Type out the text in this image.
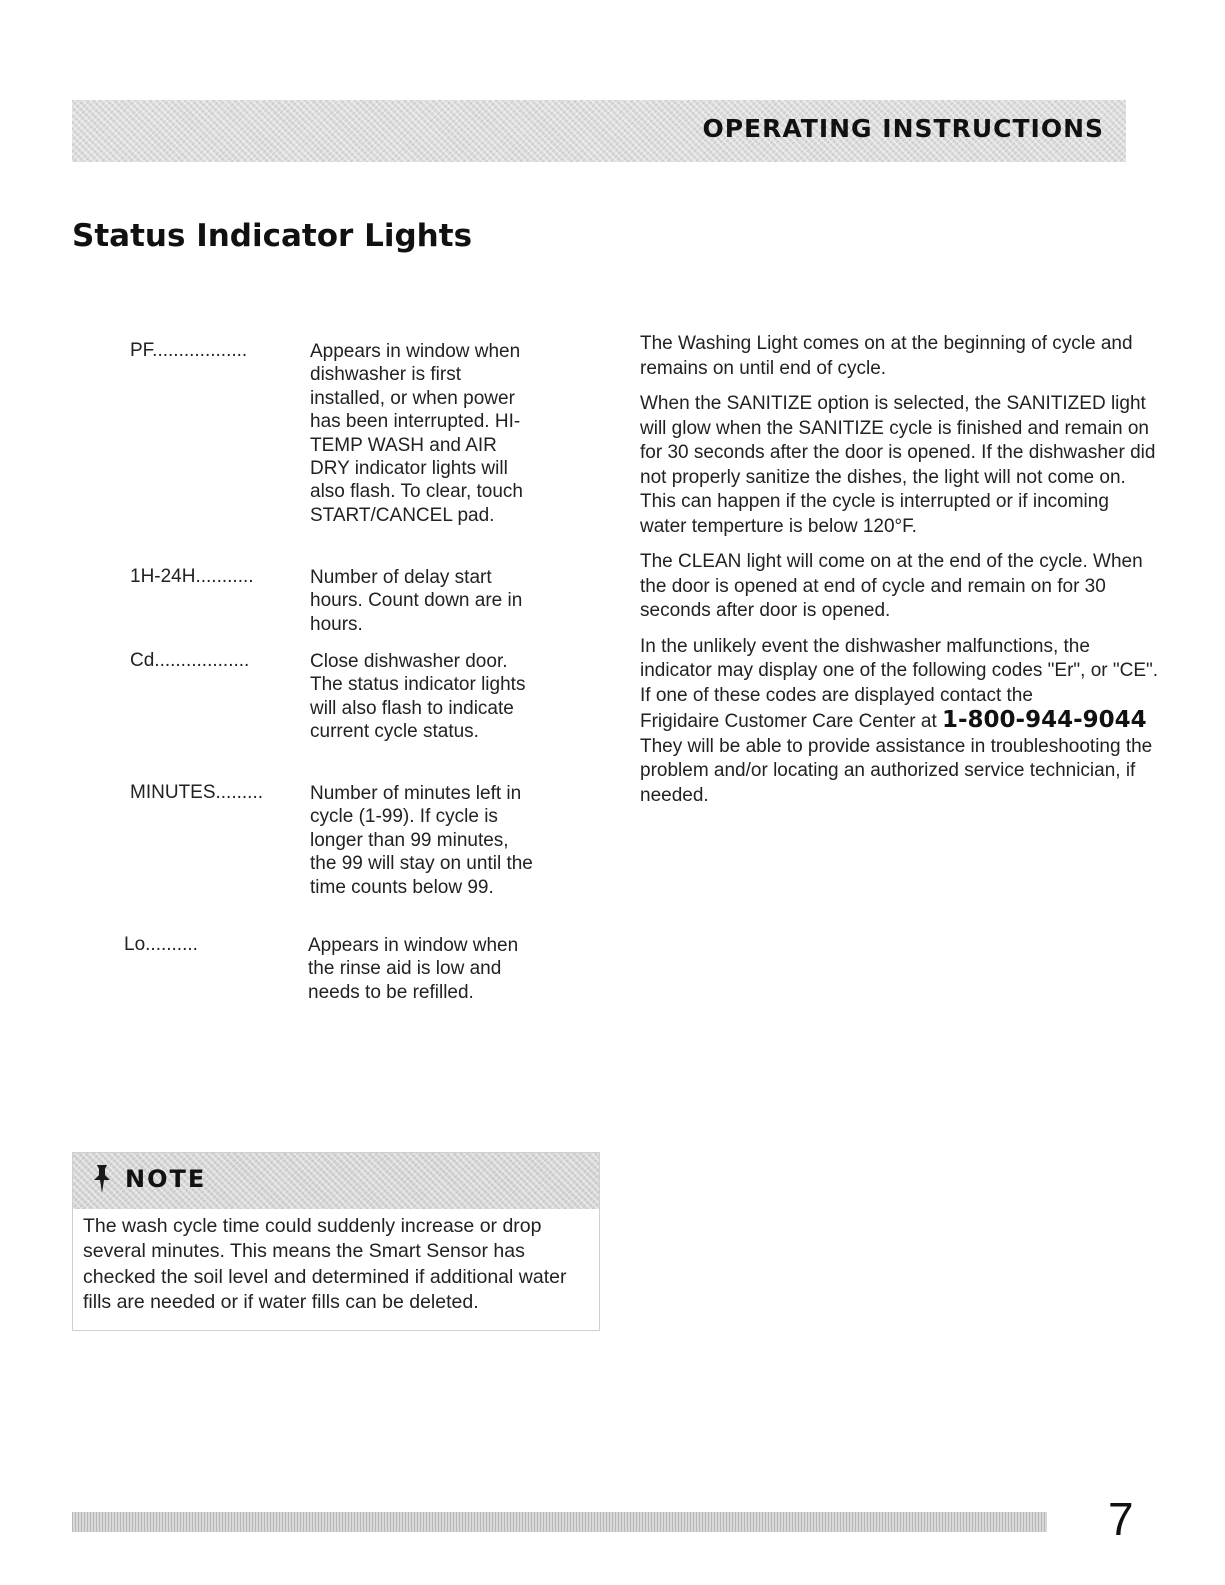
OPERATING INSTRUCTIONS
Status Indicator Lights
PF..................	Appears in window when dishwasher is first installed, or when power has been interrupted. HI-TEMP WASH and AIR DRY indicator lights will also flash. To clear, touch START/CANCEL pad.
1H-24H...........	Number of delay start hours. Count down are in hours.
Cd..................	Close dishwasher door. The status indicator lights will also flash to indicate current cycle status.
MINUTES......... Number of minutes left in cycle (1-99). If cycle is longer than 99 minutes, the 99 will stay on until the time counts below 99.
Lo..........	Appears in window when the rinse aid is low and needs to be refilled.

The Washing Light comes on at the beginning of cycle and remains on until end of cycle.

When the SANITIZE option is selected, the SANITIZED light will glow when the SANITIZE cycle is finished and remain on for 30 seconds after the door is opened. If the dishwasher did not properly sanitize the dishes, the light will not come on. This can happen if the cycle is interrupted or if incoming water temperture is below 120°F.

The CLEAN light will come on at the end of the cycle. When the door is opened at end of cycle and remain on for 30 seconds after door is opened.

In the unlikely event the dishwasher malfunctions, the indicator may display one of the following codes "Er", or "CE". If one of these codes are displayed contact the

Frigidaire Customer Care Center at 1-800-944-9044 They will be able to provide assistance in troubleshooting the problem and/or locating an authorized service technician, if needed.

NOTE

The wash cycle time could suddenly increase or drop several minutes. This means the Smart Sensor has checked the soil level and determined if additional water fills are needed or if water fills can be deleted.

7
